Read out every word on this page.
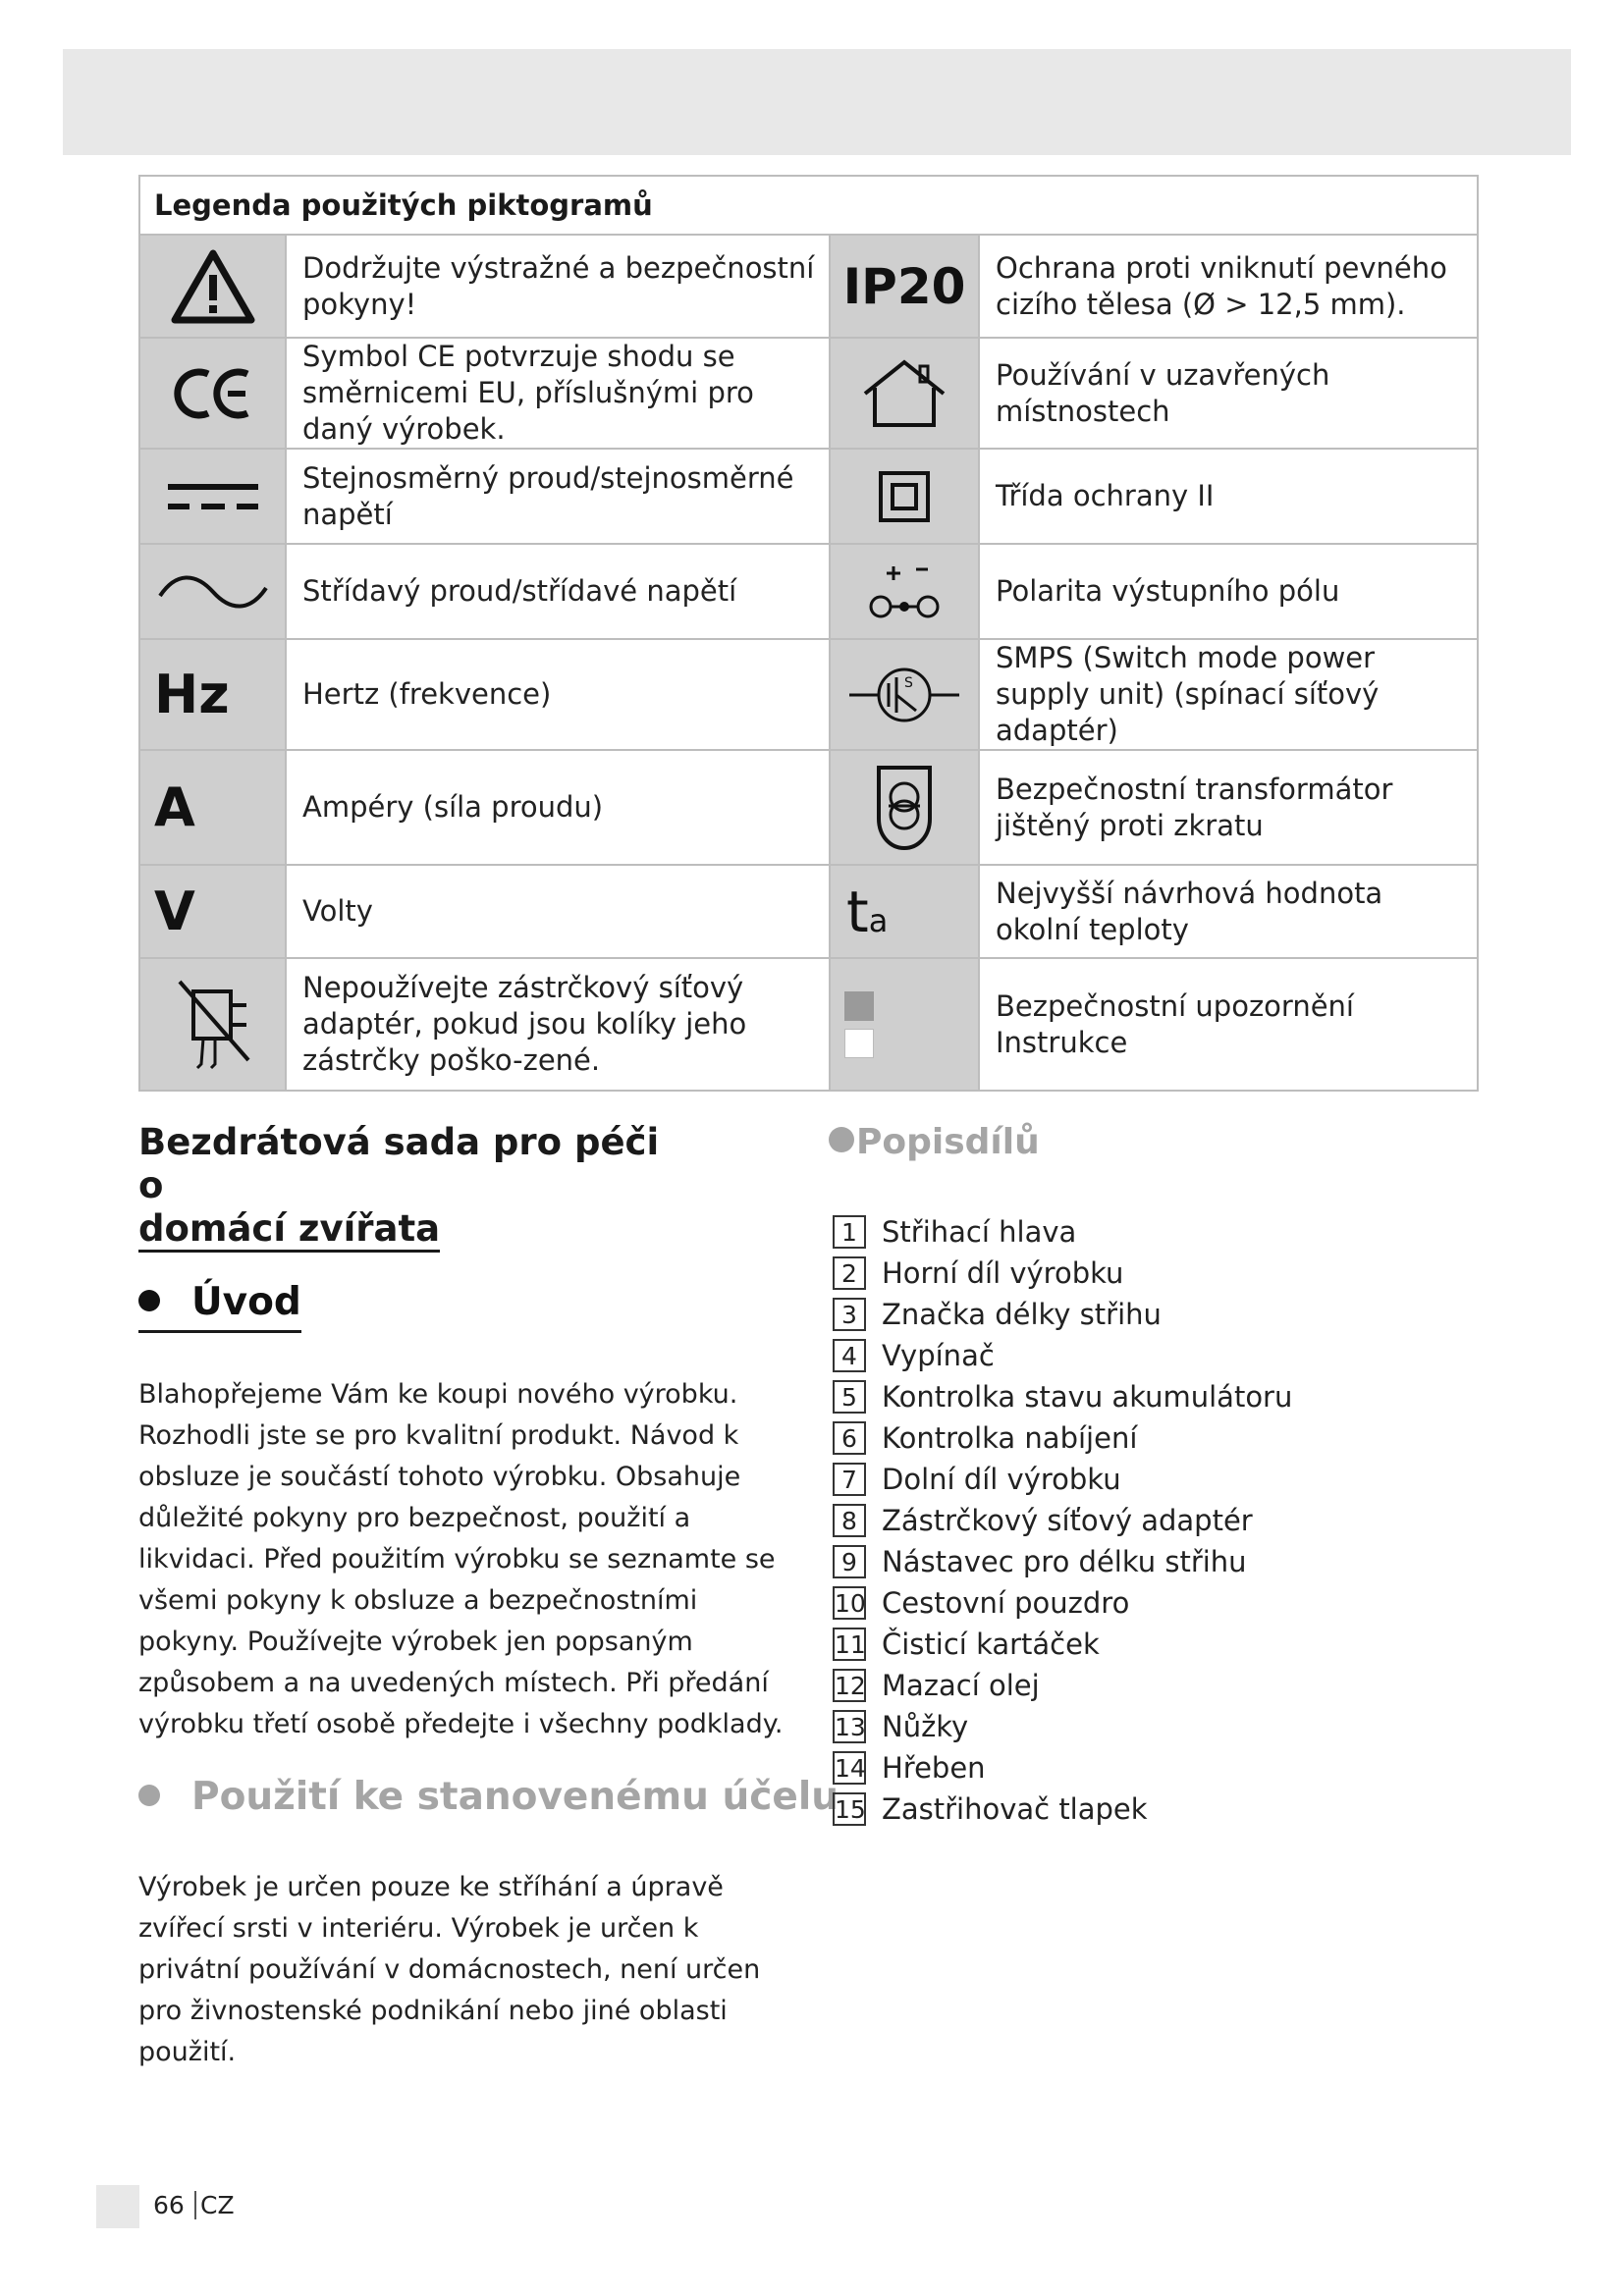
Legenda použitých piktogramů			

	Dodržujte výstražné a bezpečnostní pokyny!	IP20	Ochrana proti vniknutí pevného cizího tělesa (Ø > 12,5 mm).

	Symbol CE potvrzuje shodu se směrnicemi EU, příslušnými pro daný výrobek.		Používání v uzavřených místnostech

	Stejnosměrný proud/stejnosměrné napětí		Třída ochrany II

	Střídavý proud/střídavé napětí		Polarita výstupního pólu
Hz	Hertz (frekvence)	S	SMPS (Switch mode power supply unit) (spínací síťový adaptér)
A	Ampéry (síla proudu)		Bezpečnostní transformátor jištěný proti zkratu
V	Volty	ta	Nejvyšší návrhová hodnota okolní teploty

	Nepoužívejte zástrčkový síťový adaptér, pokud jsou kolíky jeho zástrčky poško-zené.		Bezpečnostní upozornění Instrukce
Bezdrátová sada pro péči o
domácí zvířata
Úvod
Blahopřejeme Vám ke koupi nového výrobku. Rozhodli jste se pro kvalitní produkt. Návod k obsluze je součástí tohoto výrobku. Obsahuje důležité pokyny pro bezpečnost, použití a likvidaci. Před použitím výrobku se seznamte se všemi pokyny k obsluze a bezpečnostními pokyny. Používejte výrobek jen popsaným způsobem a na uvedených místech. Při předání výrobku třetí osobě předejte i všechny podklady.
Použití ke stanovenému účelu
Výrobek je určen pouze ke stříhání a úpravě zvířecí srsti v interiéru. Výrobek je určen k privátní používání v domácnostech, není určen pro živnostenské podnikání nebo jiné oblasti použití.
Popisdílů
1 Střihací hlava
2 Horní díl výrobku
3 Značka délky střihu
4 Vypínač
5 Kontrolka stavu akumulátoru
6 Kontrolka nabíjení
7 Dolní díl výrobku
8 Zástrčkový síťový adaptér
9 Nástavec pro délku střihu
10 Cestovní pouzdro
11 Čisticí kartáček
12 Mazací olej
13 Nůžky
14 Hřeben
15 Zastřihovač tlapek
66 CZ
